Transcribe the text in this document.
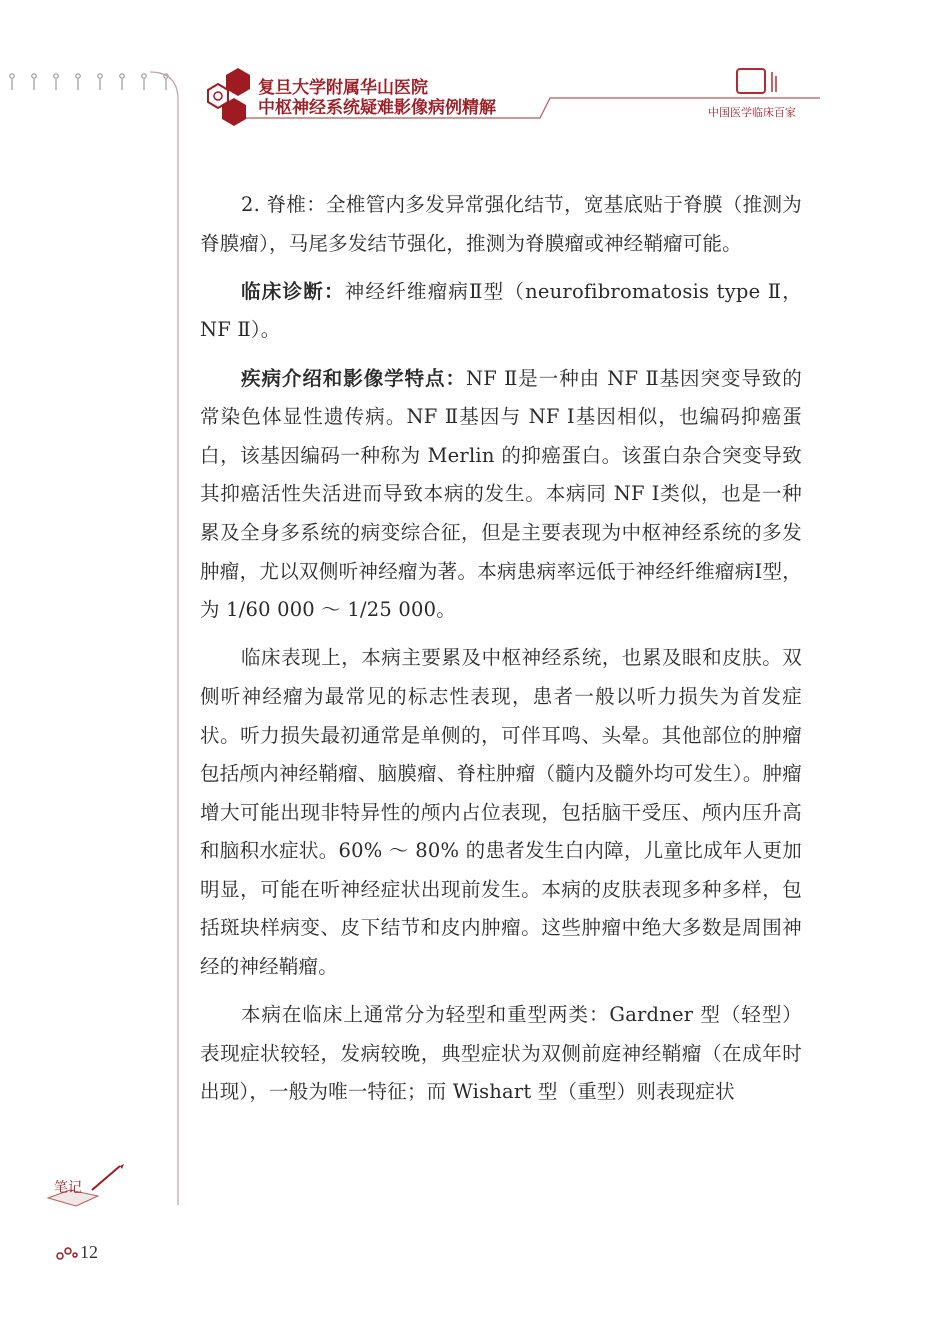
复旦大学附属华山医院
中枢神经系统疑难影像病例精解	中国医学临床百家

2. 脊椎：全椎管内多发异常强化结节，宽基底贴于脊膜（推测为脊膜瘤），马尾多发结节强化，推测为脊膜瘤或神经鞘瘤可能。

临床诊断：神经纤维瘤病Ⅱ型（neurofibromatosis type Ⅱ，NF Ⅱ）。

疾病介绍和影像学特点：NF Ⅱ是一种由 NF Ⅱ基因突变导致的常染色体显性遗传病。NF Ⅱ基因与 NF Ⅰ基因相似，也编码抑癌蛋白，该基因编码一种称为 Merlin 的抑癌蛋白。该蛋白杂合突变导致其抑癌活性失活进而导致本病的发生。本病同 NF Ⅰ类似，也是一种累及全身多系统的病变综合征，但是主要表现为中枢神经系统的多发肿瘤，尤以双侧听神经瘤为著。本病患病率远低于神经纤维瘤病Ⅰ型，为 1/60 000 ～ 1/25 000。

临床表现上，本病主要累及中枢神经系统，也累及眼和皮肤。双侧听神经瘤为最常见的标志性表现，患者一般以听力损失为首发症状。听力损失最初通常是单侧的，可伴耳鸣、头晕。其他部位的肿瘤包括颅内神经鞘瘤、脑膜瘤、脊柱肿瘤（髓内及髓外均可发生）。肿瘤增大可能出现非特异性的颅内占位表现，包括脑干受压、颅内压升高和脑积水症状。60% ～ 80% 的患者发生白内障，儿童比成年人更加明显，可能在听神经症状出现前发生。本病的皮肤表现多种多样，包括斑块样病变、皮下结节和皮内肿瘤。这些肿瘤中绝大多数是周围神经的神经鞘瘤。

本病在临床上通常分为轻型和重型两类：Gardner 型（轻型）表现症状较轻，发病较晚，典型症状为双侧前庭神经鞘瘤（在成年时出现），一般为唯一特征；而 Wishart 型（重型）则表现症状

笔记
12
